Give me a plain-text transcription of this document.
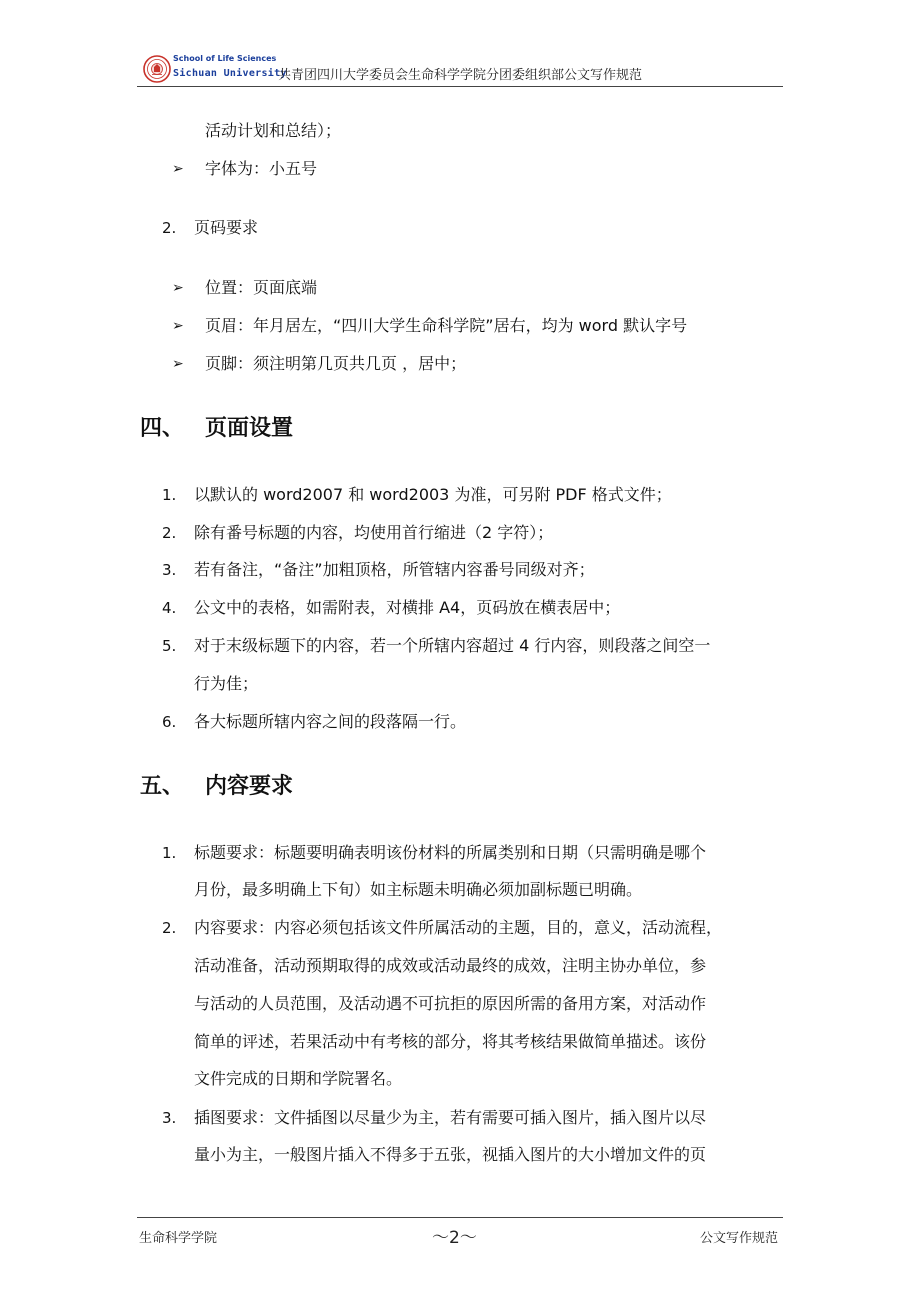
School of Life Sciences
Sichuan University
共青团四川大学委员会生命科学学院分团委组织部公文写作规范
活动计划和总结）；
➢ 字体为：小五号
2. 页码要求
➢ 位置：页面底端
➢ 页眉：年月居左，“四川大学生命科学院”居右，均为 word 默认字号
➢ 页脚：须注明第几页共几页 ，居中；
四、 页面设置
1. 以默认的 word2007 和 word2003 为准，可另附 PDF 格式文件；
2. 除有番号标题的内容，均使用首行缩进（2 字符）；
3. 若有备注，“备注”加粗顶格，所管辖内容番号同级对齐；
4. 公文中的表格，如需附表，对横排 A4，页码放在横表居中；
5. 对于末级标题下的内容，若一个所辖内容超过 4 行内容，则段落之间空一
行为佳；
6. 各大标题所辖内容之间的段落隔一行。
五、 内容要求
1. 标题要求：标题要明确表明该份材料的所属类别和日期（只需明确是哪个
月份，最多明确上下旬）如主标题未明确必须加副标题已明确。
2. 内容要求：内容必须包括该文件所属活动的主题，目的，意义，活动流程，
活动准备，活动预期取得的成效或活动最终的成效，注明主协办单位，参
与活动的人员范围，及活动遇不可抗拒的原因所需的备用方案，对活动作
简单的评述，若果活动中有考核的部分，将其考核结果做简单描述。该份
文件完成的日期和学院署名。
3. 插图要求：文件插图以尽量少为主，若有需要可插入图片，插入图片以尽
量小为主，一般图片插入不得多于五张，视插入图片的大小增加文件的页
生命科学学院	～2～	公文写作规范
